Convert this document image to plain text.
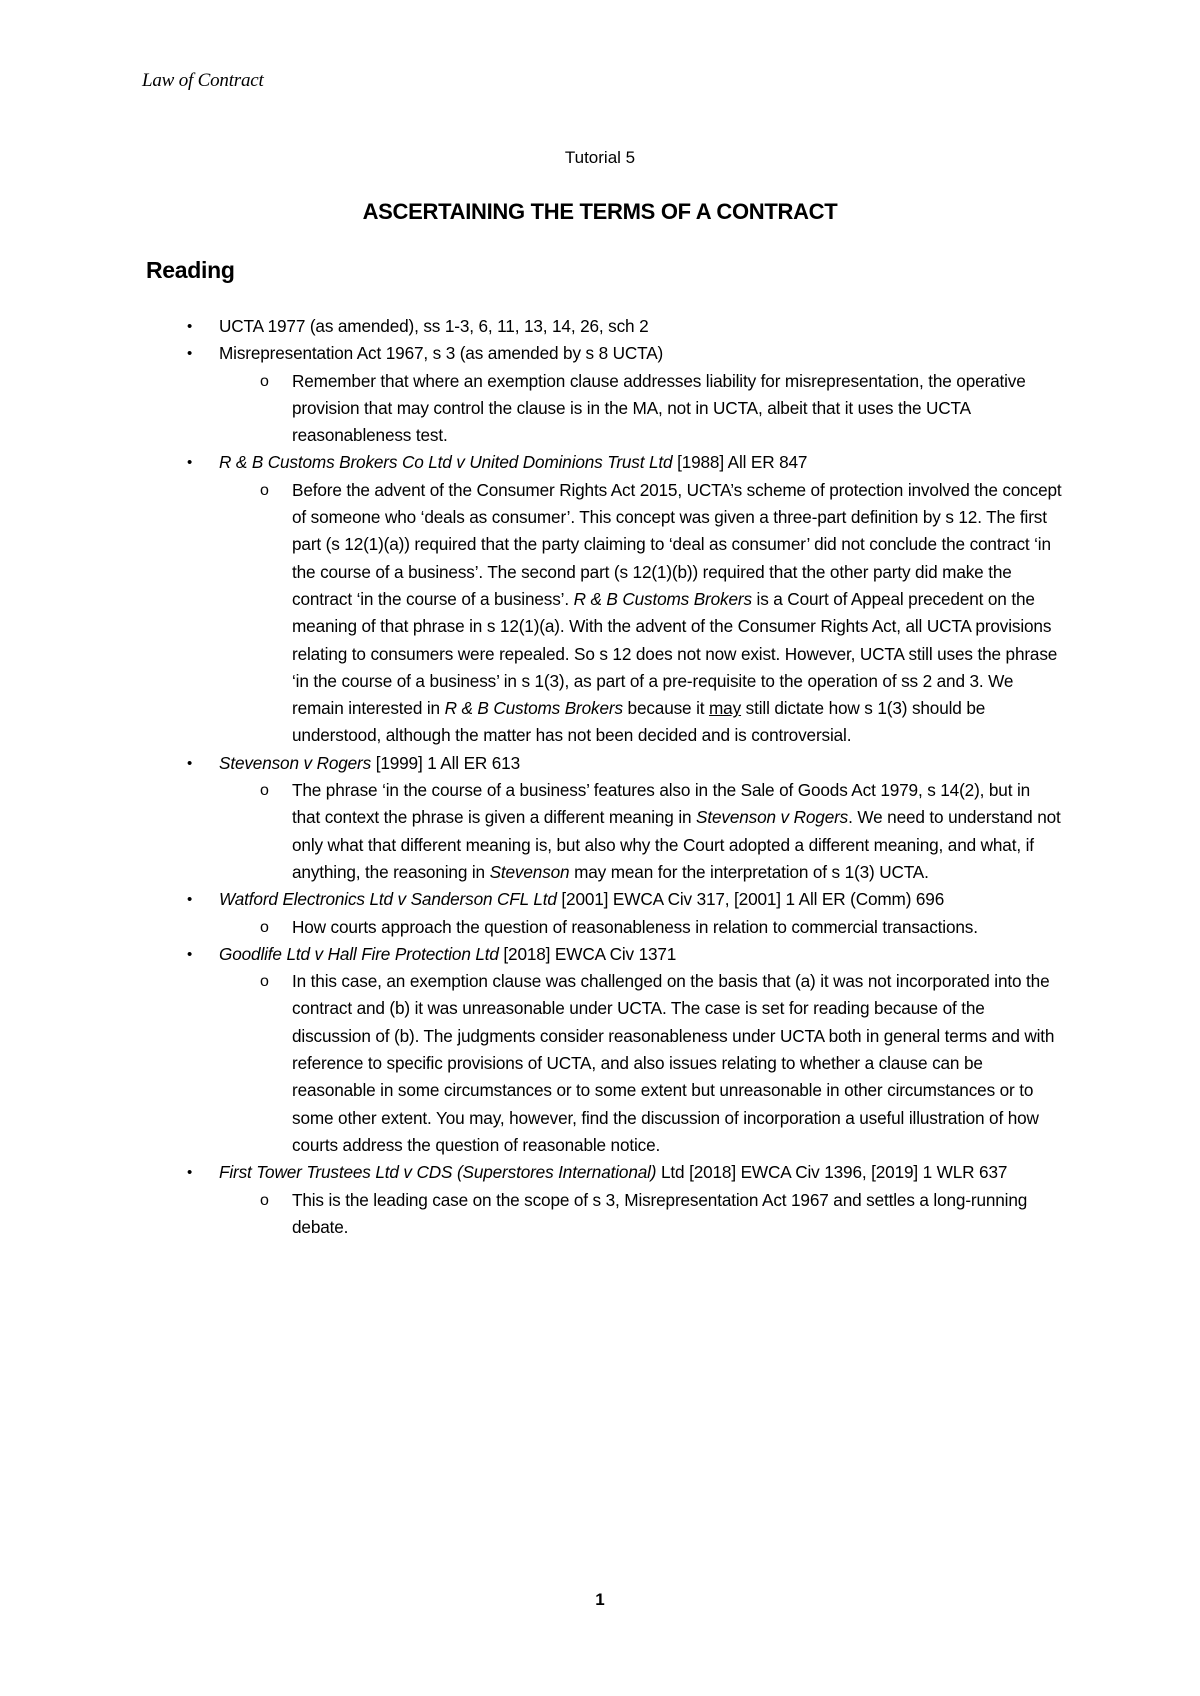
Law of Contract
Tutorial 5
ASCERTAINING THE TERMS OF A CONTRACT
Reading
• UCTA 1977 (as amended), ss 1-3, 6, 11, 13, 14, 26, sch 2
• Misrepresentation Act 1967, s 3 (as amended by s 8 UCTA)
o Remember that where an exemption clause addresses liability for misrepresentation, the operative provision that may control the clause is in the MA, not in UCTA, albeit that it uses the UCTA reasonableness test.
• R & B Customs Brokers Co Ltd v United Dominions Trust Ltd [1988] All ER 847
o Before the advent of the Consumer Rights Act 2015, UCTA’s scheme of protection involved the concept of someone who ‘deals as consumer’. This concept was given a three-part definition by s 12. The first part (s 12(1)(a)) required that the party claiming to ‘deal as consumer’ did not conclude the contract ‘in the course of a business’. The second part (s 12(1)(b)) required that the other party did make the contract ‘in the course of a business’. R & B Customs Brokers is a Court of Appeal precedent on the meaning of that phrase in s 12(1)(a). With the advent of the Consumer Rights Act, all UCTA provisions relating to consumers were repealed. So s 12 does not now exist. However, UCTA still uses the phrase ‘in the course of a business’ in s 1(3), as part of a pre-requisite to the operation of ss 2 and 3. We remain interested in R & B Customs Brokers because it may still dictate how s 1(3) should be understood, although the matter has not been decided and is controversial.
• Stevenson v Rogers [1999] 1 All ER 613
o The phrase ‘in the course of a business’ features also in the Sale of Goods Act 1979, s 14(2), but in that context the phrase is given a different meaning in Stevenson v Rogers. We need to understand not only what that different meaning is, but also why the Court adopted a different meaning, and what, if anything, the reasoning in Stevenson may mean for the interpretation of s 1(3) UCTA.
• Watford Electronics Ltd v Sanderson CFL Ltd [2001] EWCA Civ 317, [2001] 1 All ER (Comm) 696
o How courts approach the question of reasonableness in relation to commercial transactions.
• Goodlife Ltd v Hall Fire Protection Ltd [2018] EWCA Civ 1371
o In this case, an exemption clause was challenged on the basis that (a) it was not incorporated into the contract and (b) it was unreasonable under UCTA. The case is set for reading because of the discussion of (b). The judgments consider reasonableness under UCTA both in general terms and with reference to specific provisions of UCTA, and also issues relating to whether a clause can be reasonable in some circumstances or to some extent but unreasonable in other circumstances or to some other extent. You may, however, find the discussion of incorporation a useful illustration of how courts address the question of reasonable notice.
• First Tower Trustees Ltd v CDS (Superstores International) Ltd [2018] EWCA Civ 1396, [2019] 1 WLR 637
o This is the leading case on the scope of s 3, Misrepresentation Act 1967 and settles a long-running debate.
1
